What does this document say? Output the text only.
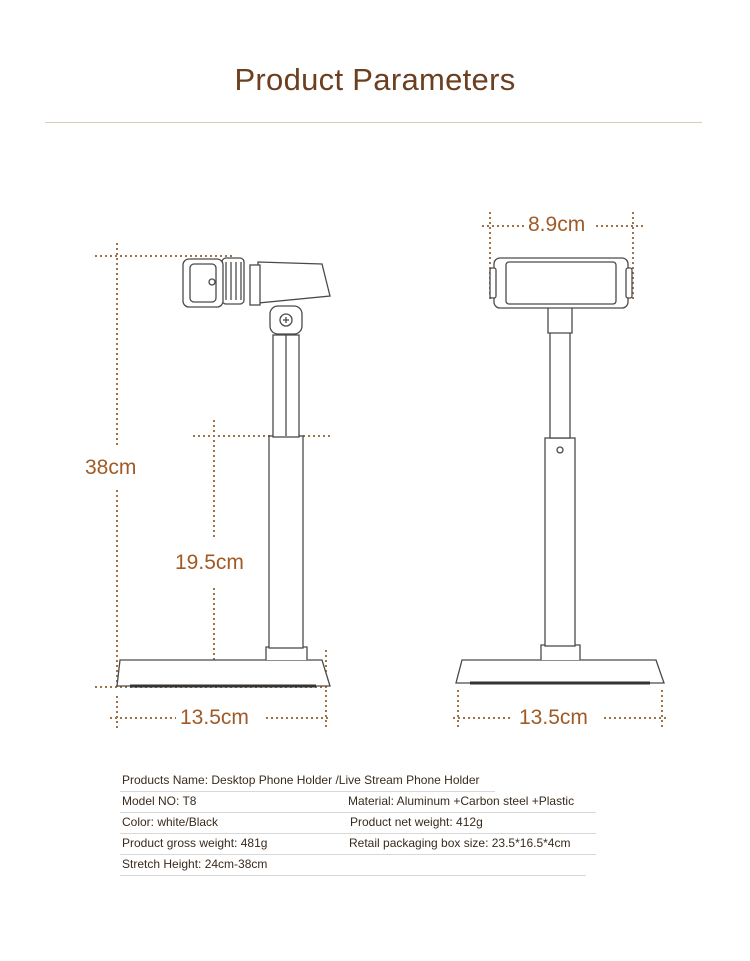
Product Parameters
38cm
19.5cm
13.5cm
8.9cm
13.5cm
Products Name: Desktop Phone Holder /Live Stream Phone Holder
Model NO: T8	Material: Aluminum +Carbon steel +Plastic
Color: white/Black	Product net weight: 412g
Product gross weight: 481g	Retail packaging box size: 23.5*16.5*4cm
Stretch Height: 24cm-38cm
